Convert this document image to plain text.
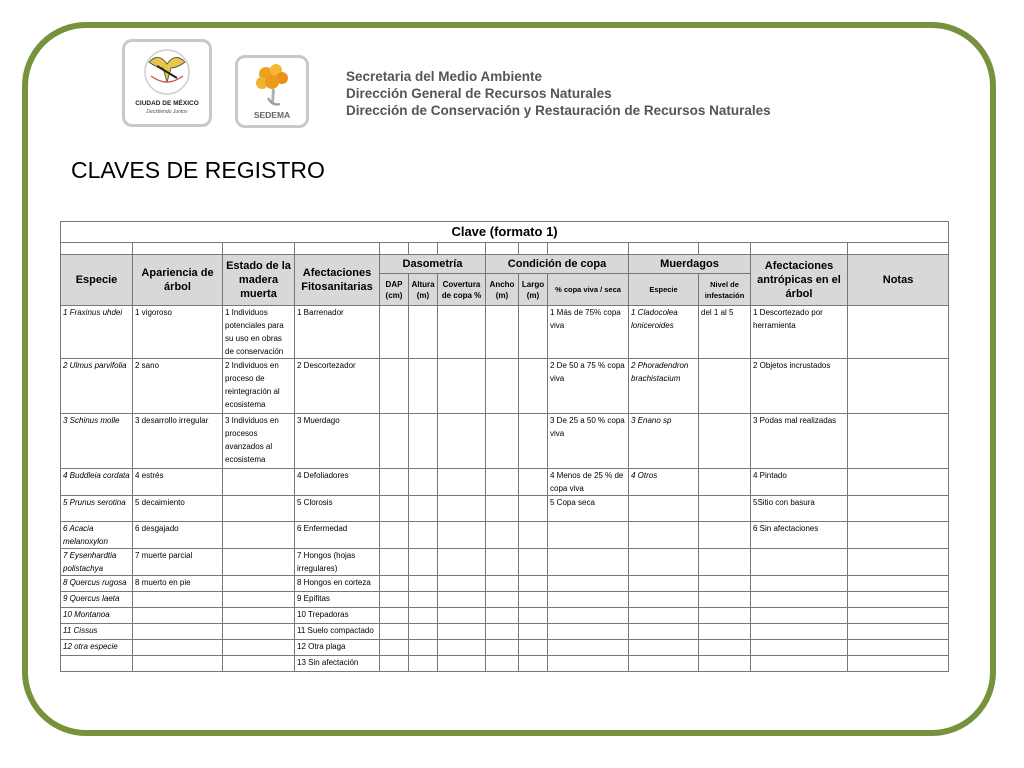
CIUDAD DE MÉXICO
Decidiendo Juntos	SEDEMA
Secretaria del Medio Ambiente
Dirección General de Recursos Naturales
Dirección de Conservación y Restauración de Recursos Naturales
CLAVES DE REGISTRO
Clave (formato 1)													

Especie	Apariencia de árbol	Estado de la madera muerta	Afectaciones Fitosanitarias	Dasometría			Condición de copa			Muerdagos		Afectaciones antrópicas en el árbol	Notas
				DAP (cm)	Altura (m)	Covertura de copa %	Ancho (m)	Largo (m)	% copa viva / seca	Especie	Nivel de infestación		
1 Fraxinus uhdei	1 vigoroso	1 Individuos potenciales para su uso en obras de conservación	1 Barrenador						1 Más de 75% copa viva	1 Cladocolea loniceroides	del 1 al 5	1 Descortezado por herramienta	
2 Ulmus parvifolia	2 sano	2 Individuos en proceso de reintegración al ecosistema	2 Descortezador						2 De 50 a 75 % copa viva	2 Phoradendron brachistacium		2 Objetos incrustados	
3 Schinus molle	3 desarrollo irregular	3 Individuos en procesos avanzados al ecosistema	3 Muerdago						3 De 25 a 50 % copa viva	3 Enano sp		3 Podas mal realizadas	
4 Buddleia cordata	4 estrés		4 Defoliadores						4 Menos de 25 % de copa viva	4 Otros		4 Pintado	
5 Prunus serotina	5 decaimiento		5 Clorosis						5 Copa seca			5Sitio con basura	
6 Acacia melanoxylon	6 desgajado		6 Enfermedad									6 Sin afectaciones	
7 Eysenhardtia polistachya	7 muerte parcial		7 Hongos (hojas irregulares)										
8 Quercus rugosa	8 muerto en pie		8 Hongos en corteza										
9 Quercus laeta			9 Epifitas										
10 Montanoa			10 Trepadoras										
11 Cissus			11 Suelo compactado										
12 otra especie			12 Otra plaga										
			13 Sin afectación										
